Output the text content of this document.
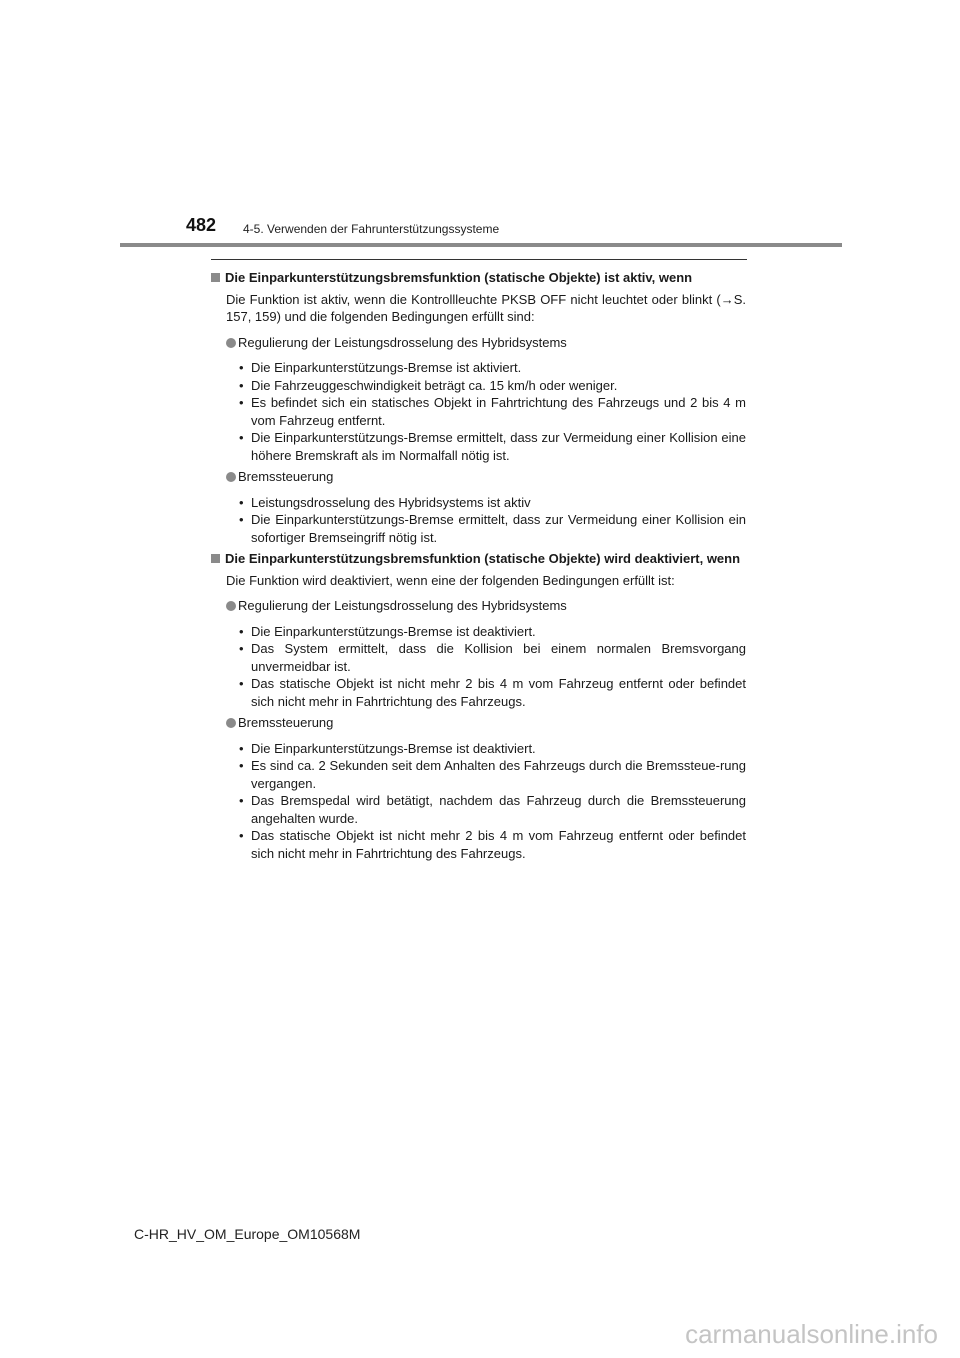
482 4-5. Verwenden der Fahrunterstützungssysteme
Die Einparkunterstützungsbremsfunktion (statische Objekte) ist aktiv, wenn
Die Funktion ist aktiv, wenn die Kontrollleuchte PKSB OFF nicht leuchtet oder blinkt (→S. 157, 159) und die folgenden Bedingungen erfüllt sind:
Regulierung der Leistungsdrosselung des Hybridsystems
• Die Einparkunterstützungs-Bremse ist aktiviert.
• Die Fahrzeuggeschwindigkeit beträgt ca. 15 km/h oder weniger.
• Es befindet sich ein statisches Objekt in Fahrtrichtung des Fahrzeugs und 2 bis 4 m vom Fahrzeug entfernt.
• Die Einparkunterstützungs-Bremse ermittelt, dass zur Vermeidung einer Kollision eine höhere Bremskraft als im Normalfall nötig ist.
Bremssteuerung
• Leistungsdrosselung des Hybridsystems ist aktiv
• Die Einparkunterstützungs-Bremse ermittelt, dass zur Vermeidung einer Kollision ein sofortiger Bremseingriff nötig ist.
Die Einparkunterstützungsbremsfunktion (statische Objekte) wird deaktiviert, wenn
Die Funktion wird deaktiviert, wenn eine der folgenden Bedingungen erfüllt ist:
Regulierung der Leistungsdrosselung des Hybridsystems
• Die Einparkunterstützungs-Bremse ist deaktiviert.
• Das System ermittelt, dass die Kollision bei einem normalen Bremsvorgang unvermeidbar ist.
• Das statische Objekt ist nicht mehr 2 bis 4 m vom Fahrzeug entfernt oder befindet sich nicht mehr in Fahrtrichtung des Fahrzeugs.
Bremssteuerung
• Die Einparkunterstützungs-Bremse ist deaktiviert.
• Es sind ca. 2 Sekunden seit dem Anhalten des Fahrzeugs durch die Bremssteue-rung vergangen.
• Das Bremspedal wird betätigt, nachdem das Fahrzeug durch die Bremssteuerung angehalten wurde.
• Das statische Objekt ist nicht mehr 2 bis 4 m vom Fahrzeug entfernt oder befindet sich nicht mehr in Fahrtrichtung des Fahrzeugs.
C-HR_HV_OM_Europe_OM10568M
carmanualsonline.info
